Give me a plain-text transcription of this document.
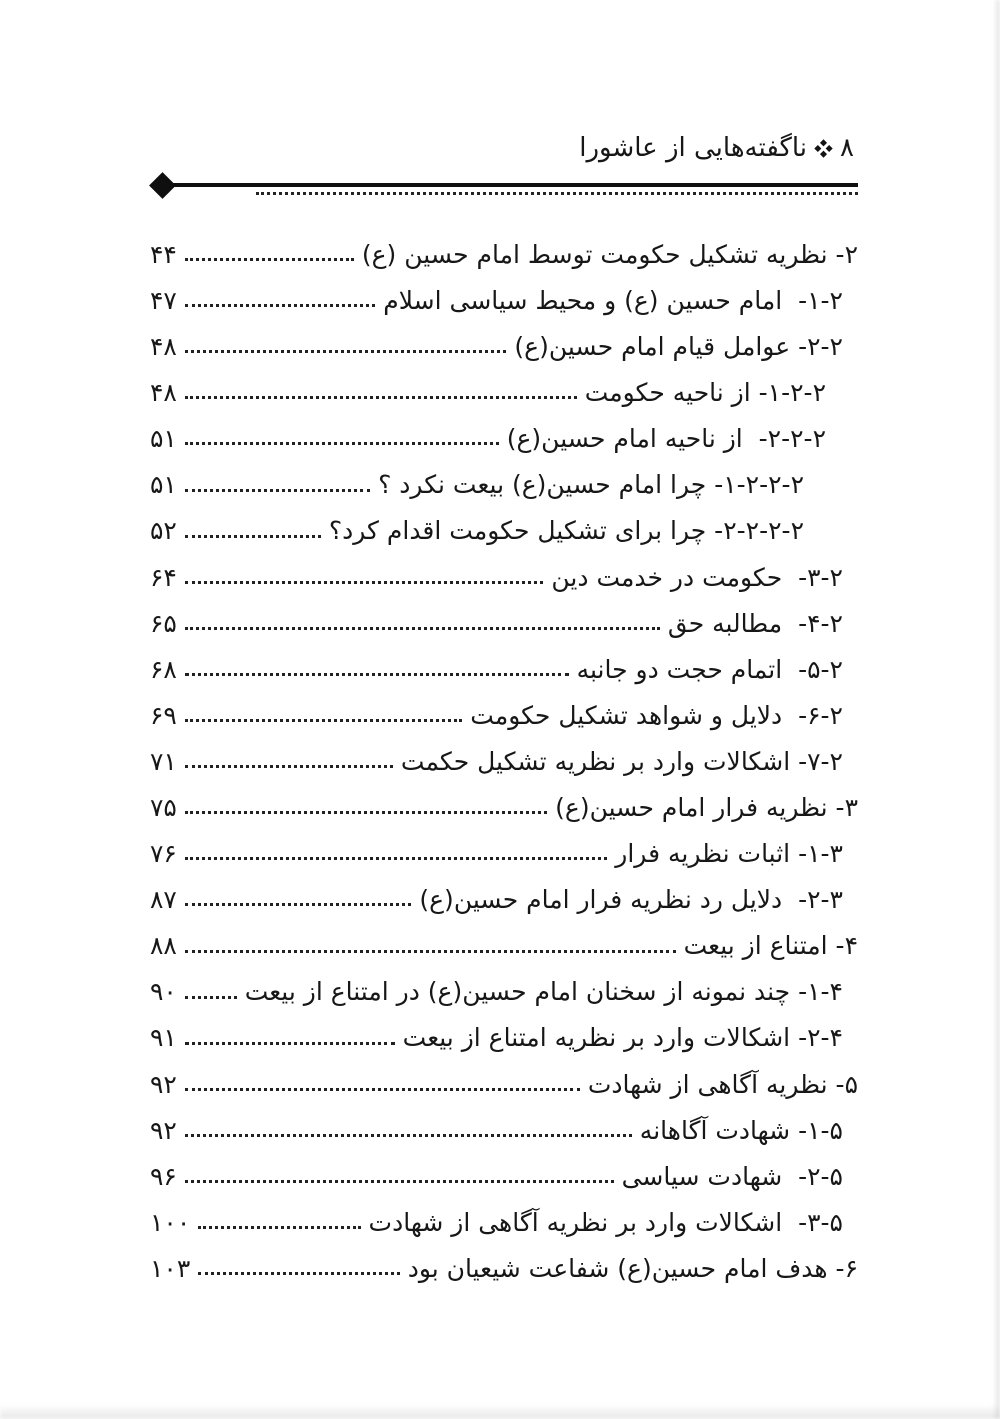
۸
ناگفته‌هایی از عاشورا
۲- نظریه تشکیل حکومت توسط امام حسین (ع)
۴۴
۱-۲-  امام حسین (ع) و محیط سیاسی اسلام
۴۷
۲-۲- عوامل قیام امام حسین(ع)
۴۸
۱-۲-۲- از ناحیه حکومت
۴۸
۲-۲-۲-  از ناحیه امام حسین(ع)
۵۱
۱-۲-۲-۲- چرا امام حسین(ع) بیعت نکرد ؟
۵۱
۲-۲-۲-۲- چرا برای تشکیل حکومت اقدام کرد؟
۵۲
۳-۲-  حکومت در خدمت دین
۶۴
۴-۲-  مطالبه حق
۶۵
۵-۲-  اتمام حجت دو جانبه
۶۸
۶-۲-  دلایل و شواهد تشکیل حکومت
۶۹
۷-۲- اشکالات وارد بر نظریه تشکیل حکمت
۷۱
۳- نظریه فرار امام حسین(ع)
۷۵
۱-۳- اثبات نظریه فرار
۷۶
۲-۳-  دلایل رد نظریه فرار امام حسین(ع)
۸۷
۴- امتناع از بیعت
۸۸
۱-۴- چند نمونه از سخنان امام حسین(ع) در امتناع از بیعت
۹۰
۲-۴- اشکالات وارد بر نظریه امتناع از بیعت
۹۱
۵- نظریه آگاهی از شهادت
۹۲
۱-۵- شهادت آگاهانه
۹۲
۲-۵-  شهادت سیاسی
۹۶
۳-۵-  اشکالات وارد بر نظریه آگاهی از شهادت
۱۰۰
۶- هدف امام حسین(ع) شفاعت شیعیان بود
۱۰۳
